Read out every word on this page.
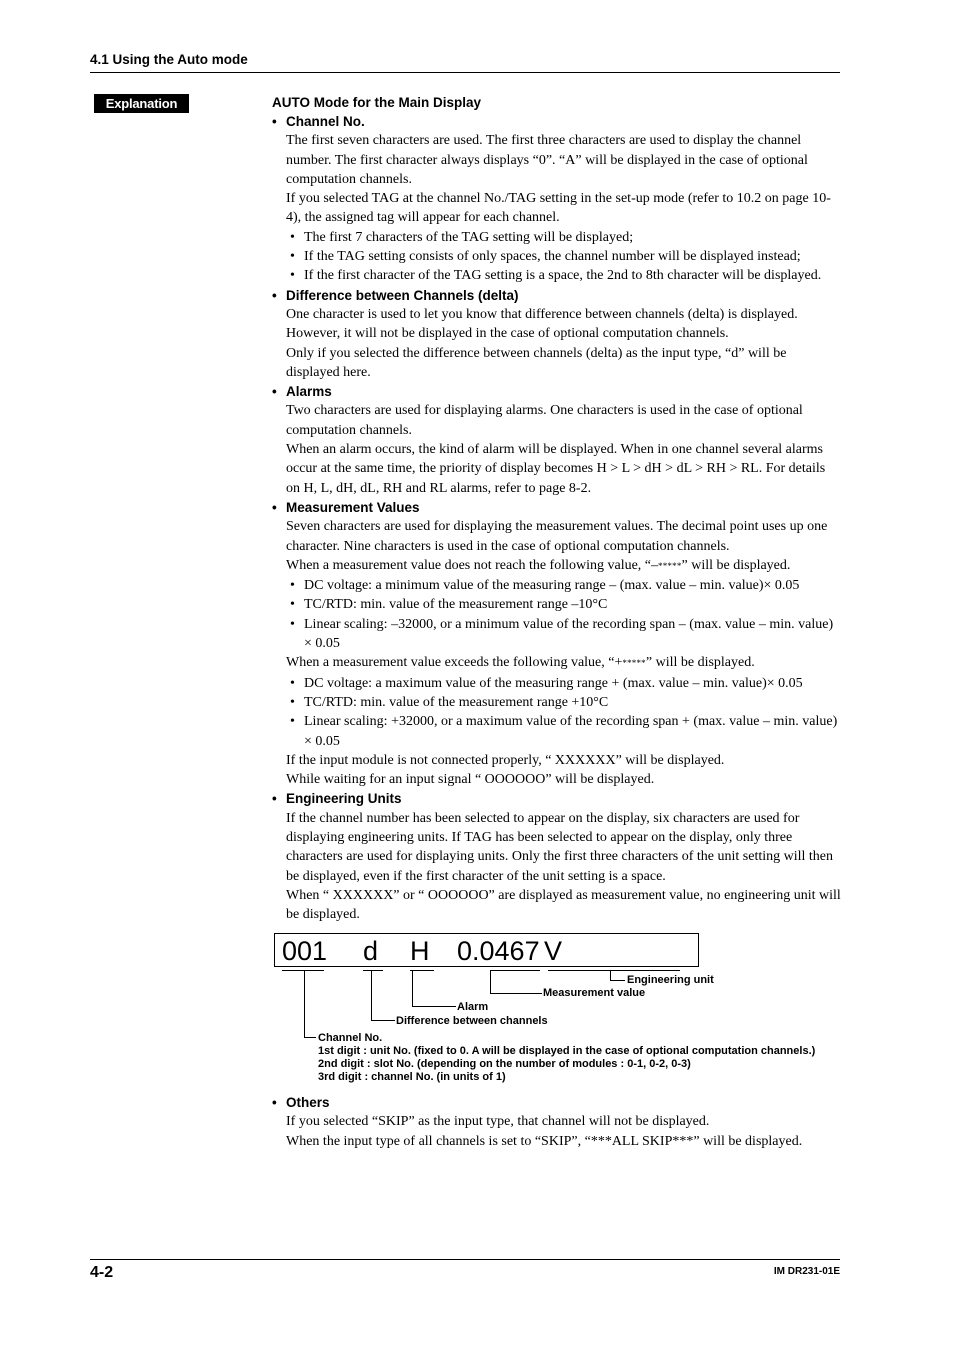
4.1 Using the Auto mode
Explanation	AUTO Mode for the Main Display
• Channel No.

The first seven characters are used. The first three characters are used to display the channel number. The first character always displays “0”. “A” will be displayed in the case of optional computation channels.

If you selected TAG at the channel No./TAG setting in the set-up mode (refer to 10.2 on page 10-4), the assigned tag will appear for each channel.

• The first 7 characters of the TAG setting will be displayed;

• If the TAG setting consists of only spaces, the channel number will be displayed instead;

• If the first character of the TAG setting is a space, the 2nd to 8th character will be displayed.

• Difference between Channels (delta)

One character is used to let you know that difference between channels (delta) is displayed. However, it will not be displayed in the case of optional computation channels.

Only if you selected the difference between channels (delta) as the input type, “d” will be displayed here.

• Alarms

Two characters are used for displaying alarms. One characters is used in the case of optional computation channels.

When an alarm occurs, the kind of alarm will be displayed. When in one channel several alarms occur at the same time, the priority of display becomes H > L > dH > dL > RH > RL. For details on H, L, dH, dL, RH and RL alarms, refer to page 8-2.

• Measurement Values

Seven characters are used for displaying the measurement values. The decimal point uses up one character. Nine characters is used in the case of optional computation channels.

When a measurement value does not reach the following value, “–*****” will be displayed.

• DC voltage: a minimum value of the measuring range – (max. value – min. value)× 0.05

• TC/RTD: min. value of the measurement range –10°C

• Linear scaling: –32000, or a minimum value of the recording span – (max. value – min. value) × 0.05

When a measurement value exceeds the following value, “+*****” will be displayed.

• DC voltage: a maximum value of the measuring range + (max. value – min. value)× 0.05

• TC/RTD: min. value of the measurement range +10°C

• Linear scaling: +32000, or a maximum value of the recording span + (max. value – min. value) × 0.05

If the input module is not connected properly, “ XXXXXX” will be displayed.

While waiting for an input signal “ OOOOOO” will be displayed.

• Engineering Units

If the channel number has been selected to appear on the display, six characters are used for displaying engineering units. If TAG has been selected to appear on the display, only three characters are used for displaying units. Only the first three characters of the unit setting will then be displayed, even if the first character of the unit setting is a space.

When “ XXXXXX” or “ OOOOOO” are displayed as measurement value, no engineering unit will be displayed.

001 d H 0.0467 V
Engineering unit
Measurement value
Alarm
Difference between channels
Channel No.
1st digit : unit No. (fixed to 0. A will be displayed in the case of optional computation channels.)
2nd digit : slot No. (depending on the number of modules : 0-1, 0-2, 0-3)
3rd digit : channel No. (in units of 1)
• Others

If you selected “SKIP” as the input type, that channel will not be displayed.

When the input type of all channels is set to “SKIP”, “***ALL SKIP***” will be displayed.

4-2	IM DR231-01E
